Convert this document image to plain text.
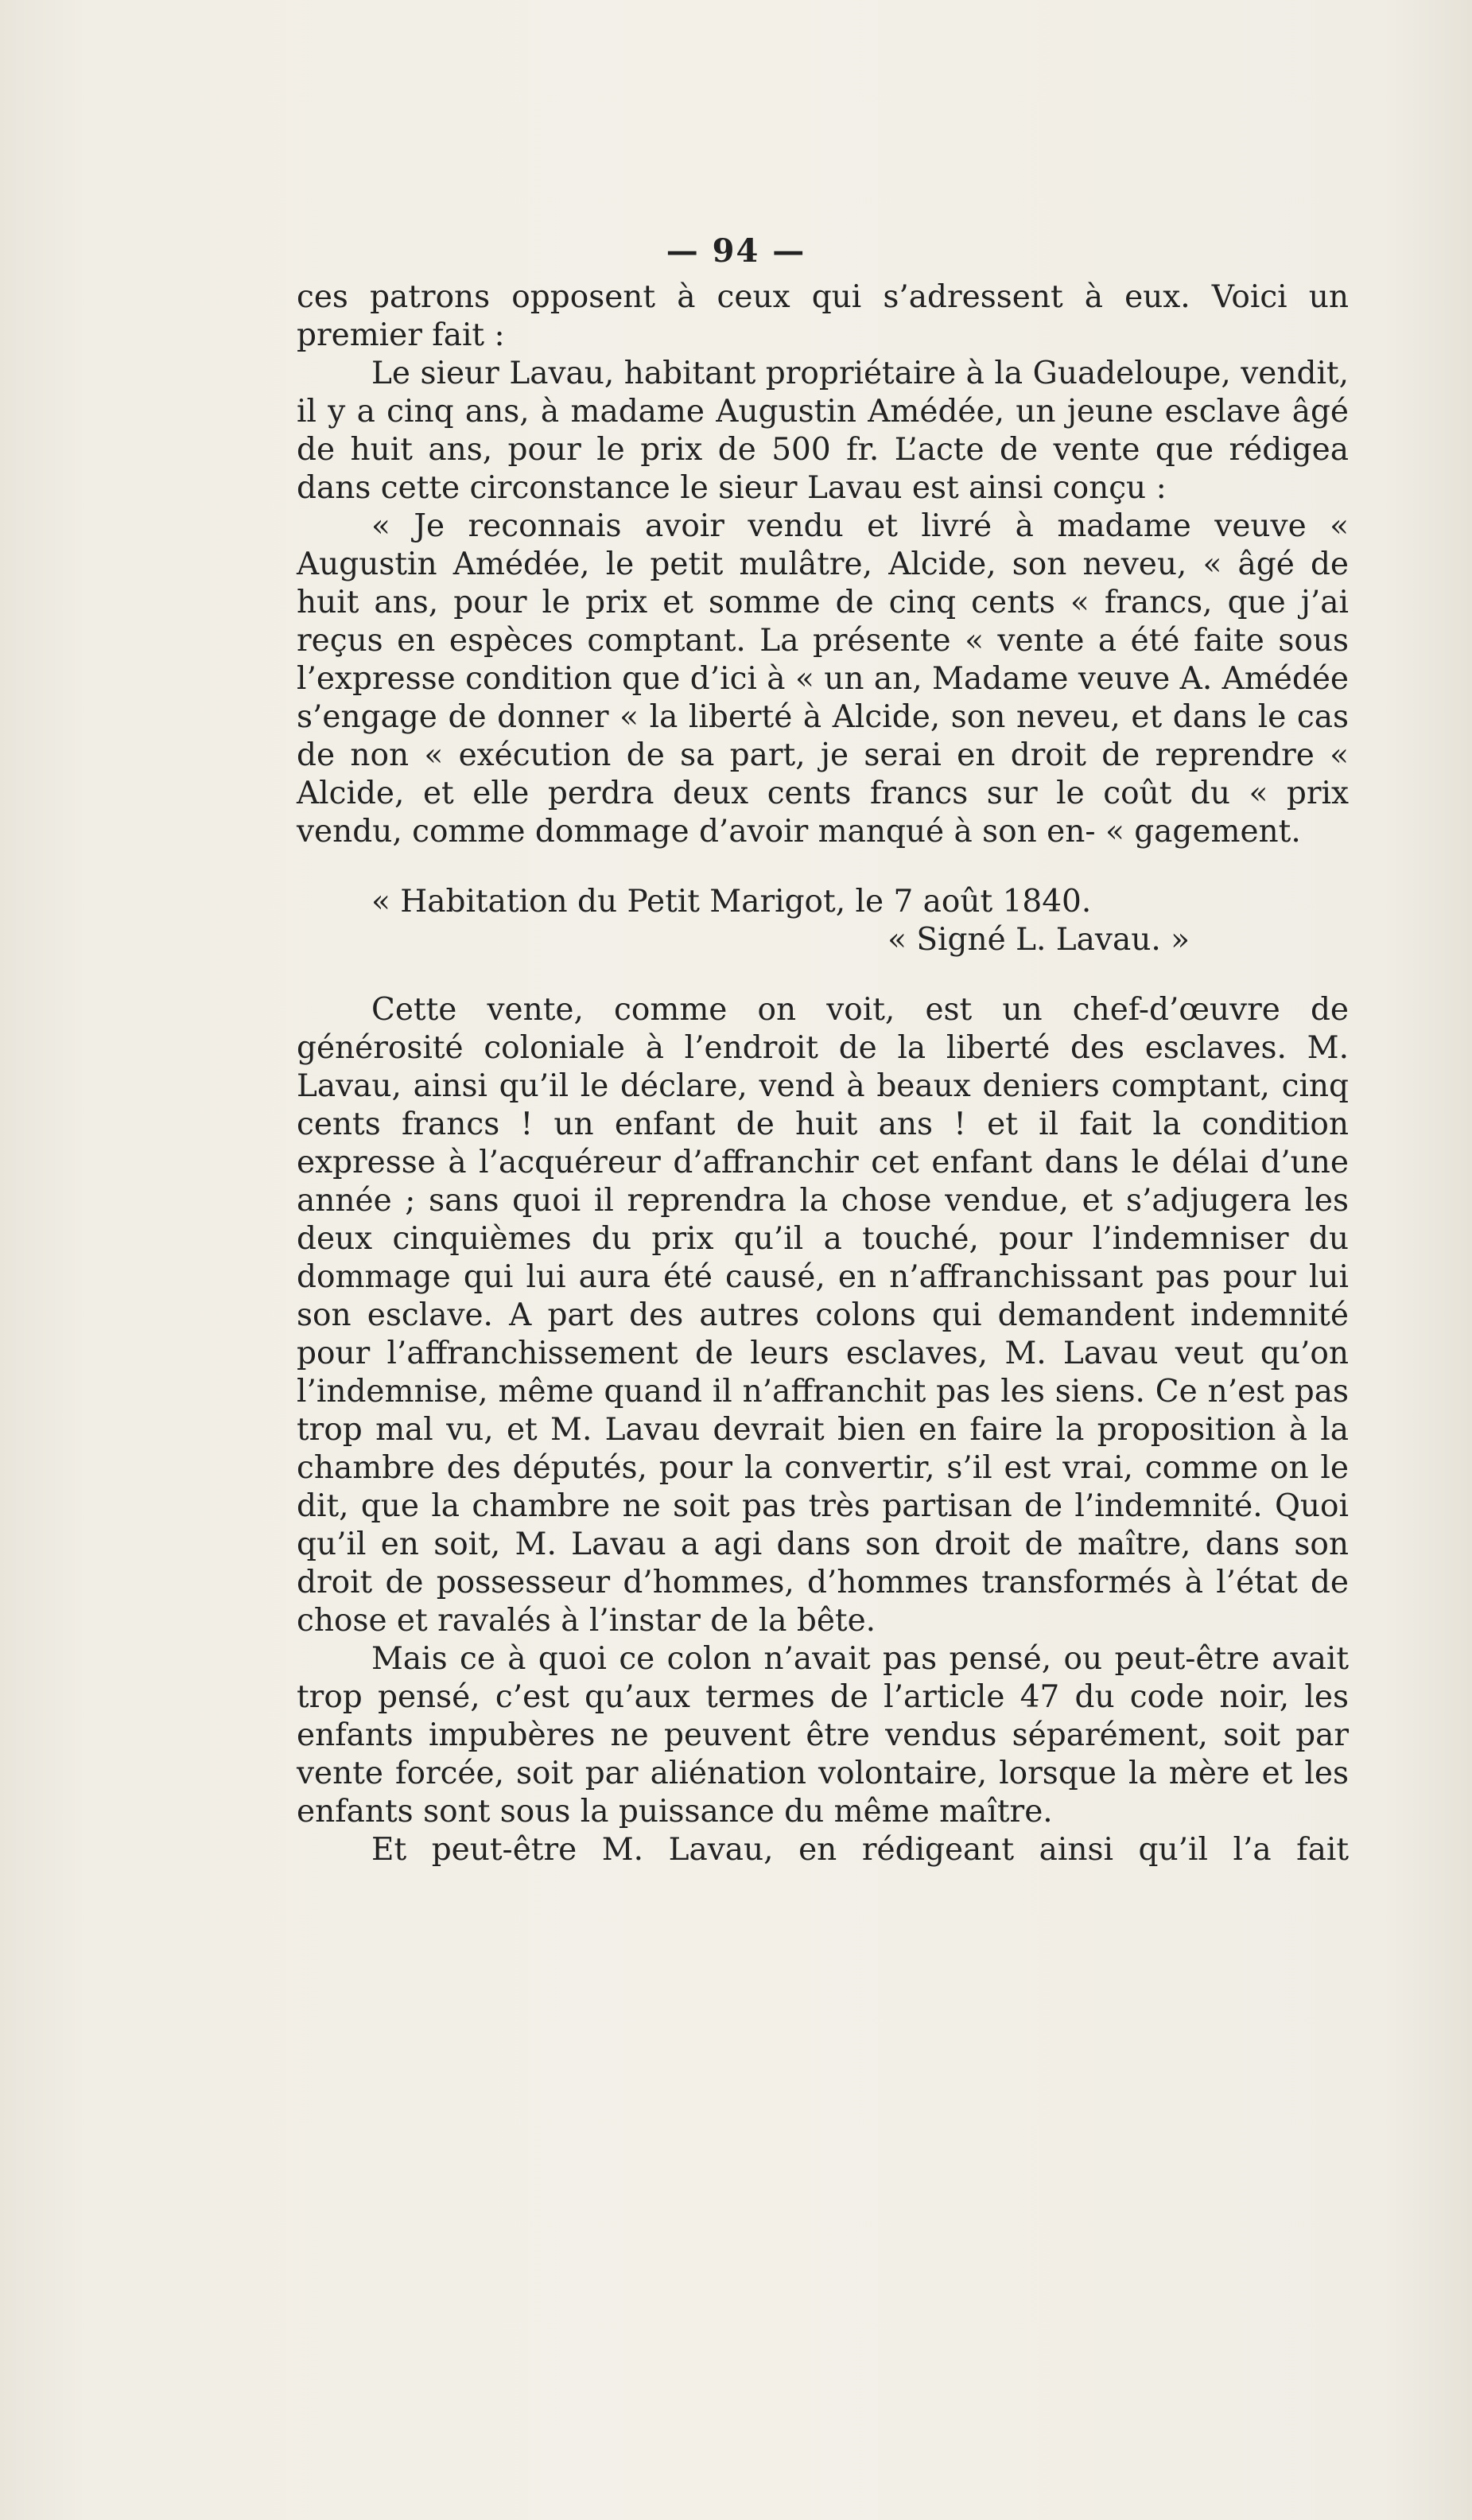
— 94 —

ces patrons opposent à ceux qui s’adressent à eux. Voici un premier fait :

Le sieur Lavau, habitant propriétaire à la Guadeloupe, vendit, il y a cinq ans, à madame Augustin Amédée, un jeune esclave âgé de huit ans, pour le prix de 500 fr. L’acte de vente que rédigea dans cette circonstance le sieur Lavau est ainsi conçu :

« Je reconnais avoir vendu et livré à madame veuve « Augustin Amédée, le petit mulâtre, Alcide, son neveu, « âgé de huit ans, pour le prix et somme de cinq cents « francs, que j’ai reçus en espèces comptant. La présente « vente a été faite sous l’expresse condition que d’ici à « un an, Madame veuve A. Amédée s’engage de donner « la liberté à Alcide, son neveu, et dans le cas de non « exécution de sa part, je serai en droit de reprendre « Alcide, et elle perdra deux cents francs sur le coût du « prix vendu, comme dommage d’avoir manqué à son en- « gagement.

« Habitation du Petit Marigot, le 7 août 1840.

« Signé L. Lavau. »

Cette vente, comme on voit, est un chef-d’œuvre de générosité coloniale à l’endroit de la liberté des esclaves. M. Lavau, ainsi qu’il le déclare, vend à beaux deniers comptant, cinq cents francs ! un enfant de huit ans ! et il fait la condition expresse à l’acquéreur d’affranchir cet enfant dans le délai d’une année ; sans quoi il reprendra la chose vendue, et s’adjugera les deux cinquièmes du prix qu’il a touché, pour l’indemniser du dommage qui lui aura été causé, en n’affranchissant pas pour lui son esclave. A part des autres colons qui demandent indemnité pour l’affranchissement de leurs esclaves, M. Lavau veut qu’on l’indemnise, même quand il n’affranchit pas les siens. Ce n’est pas trop mal vu, et M. Lavau devrait bien en faire la proposition à la chambre des députés, pour la convertir, s’il est vrai, comme on le dit, que la chambre ne soit pas très partisan de l’indemnité. Quoi qu’il en soit, M. Lavau a agi dans son droit de maître, dans son droit de possesseur d’hommes, d’hommes transformés à l’état de chose et ravalés à l’instar de la bête.

Mais ce à quoi ce colon n’avait pas pensé, ou peut-être avait trop pensé, c’est qu’aux termes de l’article 47 du code noir, les enfants impubères ne peuvent être vendus séparément, soit par vente forcée, soit par aliénation volontaire, lorsque la mère et les enfants sont sous la puissance du même maître.

Et peut-être M. Lavau, en rédigeant ainsi qu’il l’a fait
